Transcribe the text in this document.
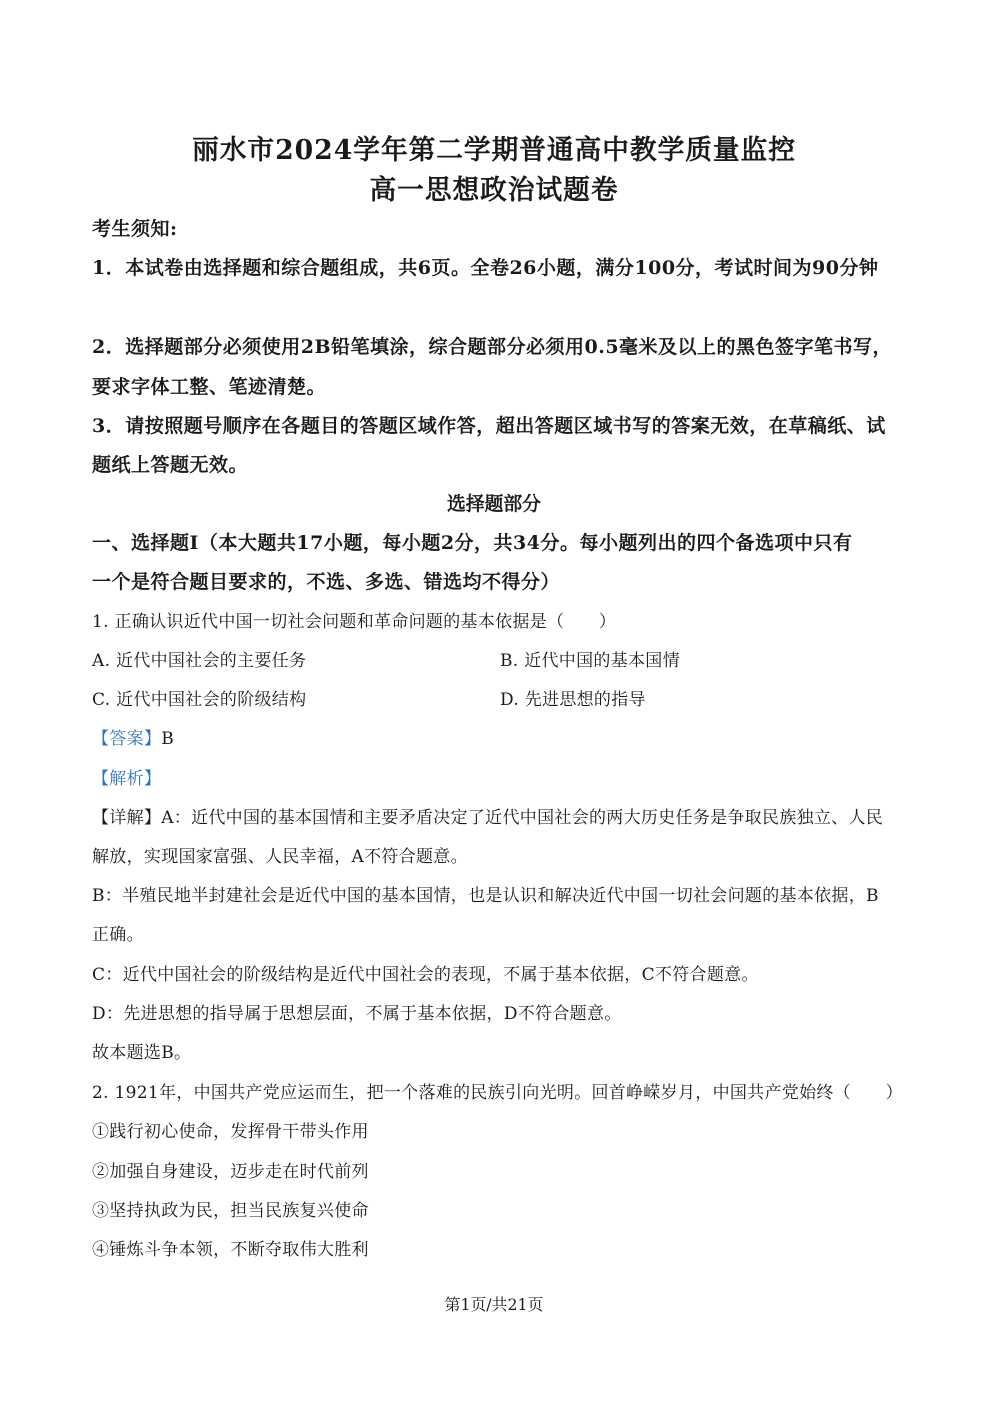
丽水市2024学年第二学期普通高中教学质量监控
高一思想政治试题卷
考生须知:
1．本试卷由选择题和综合题组成，共6页。全卷26小题，满分100分，考试时间为90分钟
2．选择题部分必须使用2B铅笔填涂，综合题部分必须用0.5毫米及以上的黑色签字笔书写，
要求字体工整、笔迹清楚。
3．请按照题号顺序在各题目的答题区域作答，超出答题区域书写的答案无效，在草稿纸、试
题纸上答题无效。
选择题部分
一、选择题Ⅰ（本大题共17小题，每小题2分，共34分。每小题列出的四个备选项中只有
一个是符合题目要求的，不选、多选、错选均不得分）
1. 正确认识近代中国一切社会问题和革命问题的基本依据是（　　）
A. 近代中国社会的主要任务	B. 近代中国的基本国情
C. 近代中国社会的阶级结构	D. 先进思想的指导
【答案】B
【解析】
【详解】A：近代中国的基本国情和主要矛盾决定了近代中国社会的两大历史任务是争取民族独立、人民
解放，实现国家富强、人民幸福，A不符合题意。
B：半殖民地半封建社会是近代中国的基本国情，也是认识和解决近代中国一切社会问题的基本依据，B
正确。
C：近代中国社会的阶级结构是近代中国社会的表现，不属于基本依据，C不符合题意。
D：先进思想的指导属于思想层面，不属于基本依据，D不符合题意。
故本题选B。
2. 1921年，中国共产党应运而生，把一个落难的民族引向光明。回首峥嵘岁月，中国共产党始终（　　）
①践行初心使命，发挥骨干带头作用
②加强自身建设，迈步走在时代前列
③坚持执政为民，担当民族复兴使命
④锤炼斗争本领，不断夺取伟大胜利
第1页/共21页
